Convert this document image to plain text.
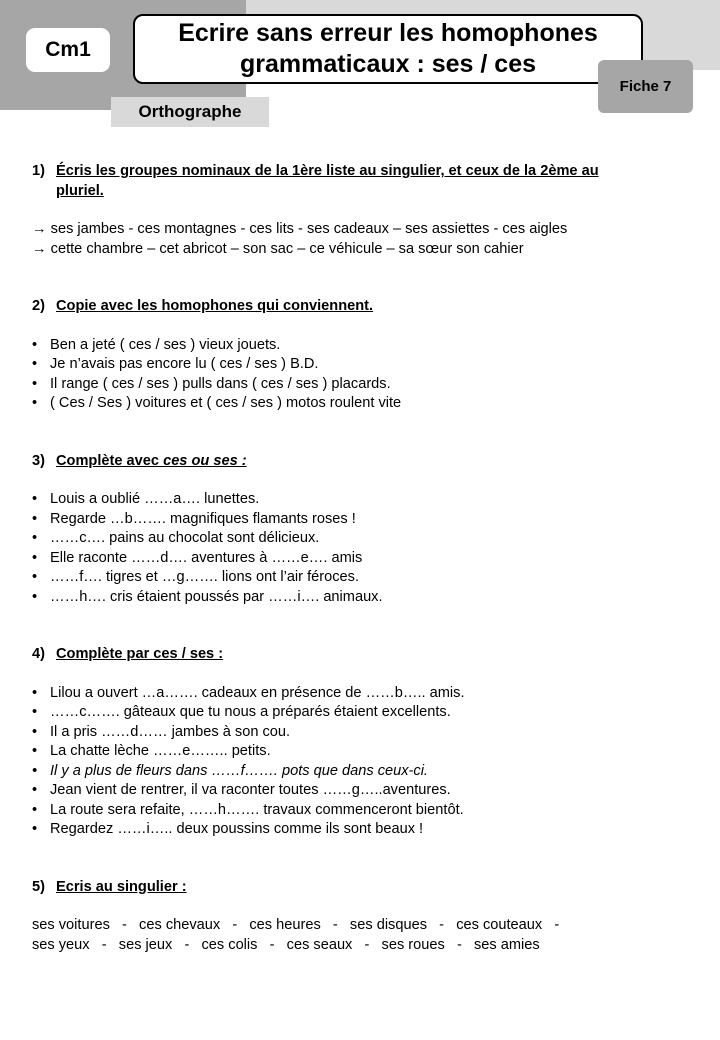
Cm1
Ecrire sans erreur les homophones
grammaticaux : ses / ces
Fiche 7
Orthographe
1) Écris les groupes nominaux de la 1ère liste au singulier, et ceux de la 2ème au
pluriel.
→ ses jambes - ces montagnes - ces lits - ses cadeaux – ses assiettes - ces aigles
→ cette chambre – cet abricot – son sac – ce véhicule – sa sœur son cahier
2) Copie avec les homophones qui conviennent.
• Ben a jeté ( ces / ses ) vieux jouets.
• Je n’avais pas encore lu ( ces / ses ) B.D.
• Il range ( ces / ses ) pulls dans ( ces / ses ) placards.
• ( Ces / Ses ) voitures et ( ces / ses ) motos roulent vite
3) Complète avec ces ou ses :
• Louis a oublié ……a…. lunettes.
• Regarde …b……. magnifiques flamants roses !
• ……c…. pains au chocolat sont délicieux.
• Elle raconte ……d…. aventures à ……e…. amis
• ……f…. tigres et …g……. lions ont l’air féroces.
• ……h…. cris étaient poussés par ……i…. animaux.
4) Complète par ces / ses :
• Lilou a ouvert …a……. cadeaux en présence de ……b….. amis.
• ……c……. gâteaux que tu nous a préparés étaient excellents.
• Il a pris ……d…… jambes à son cou.
• La chatte lèche ……e…….. petits.
• Il y a plus de fleurs dans ……f……. pots que dans ceux-ci.
• Jean vient de rentrer, il va raconter toutes ……g…..aventures.
• La route sera refaite, ……h……. travaux commenceront bientôt.
• Regardez ……i….. deux poussins comme ils sont beaux !
5) Ecris au singulier :
ses voitures   -   ces chevaux   -   ces heures   -   ses disques   -   ces couteaux   -
ses yeux   -   ses jeux   -   ces colis   -   ces seaux   -   ses roues   -   ses amies
